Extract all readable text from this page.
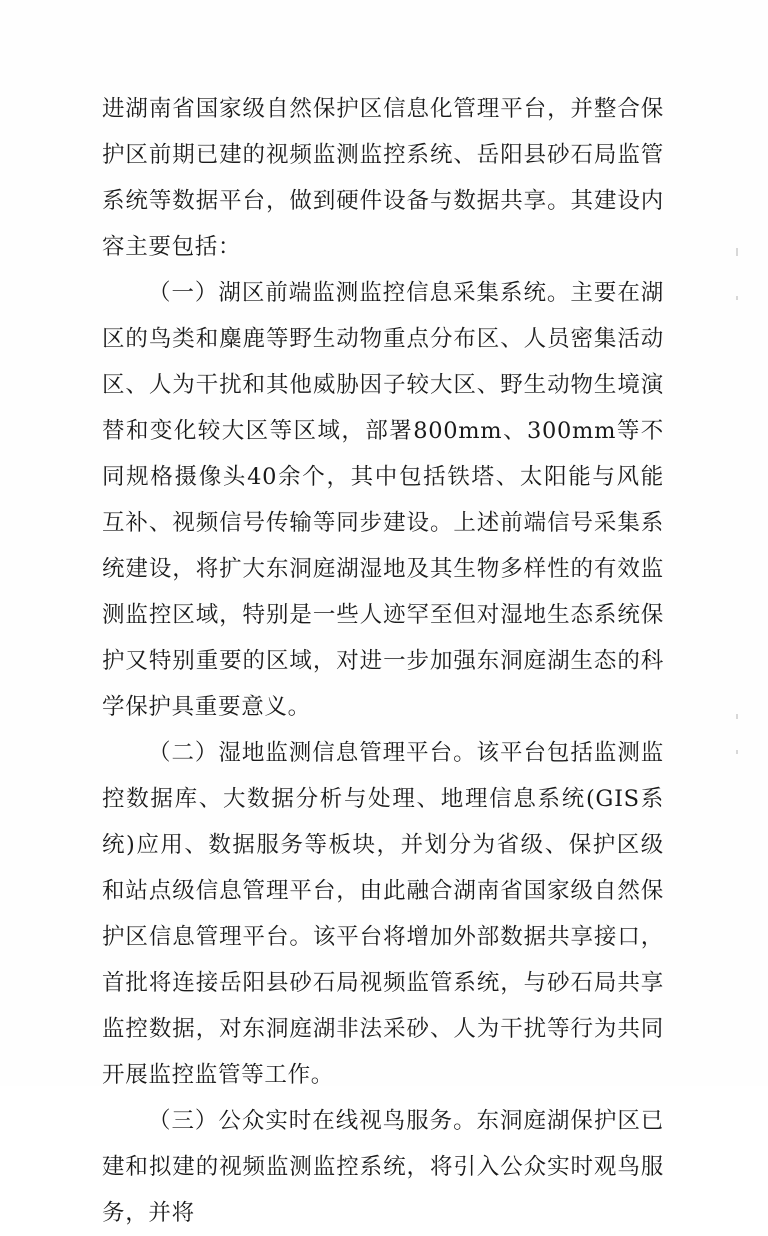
进湖南省国家级自然保护区信息化管理平台，并整合保护区前期已建的视频监测监控系统、岳阳县砂石局监管系统等数据平台，做到硬件设备与数据共享。其建设内容主要包括：

（一）湖区前端监测监控信息采集系统。主要在湖区的鸟类和麋鹿等野生动物重点分布区、人员密集活动区、人为干扰和其他威胁因子较大区、野生动物生境演替和变化较大区等区域，部署800mm、300mm等不同规格摄像头40余个，其中包括铁塔、太阳能与风能互补、视频信号传输等同步建设。上述前端信号采集系统建设，将扩大东洞庭湖湿地及其生物多样性的有效监测监控区域，特别是一些人迹罕至但对湿地生态系统保护又特别重要的区域，对进一步加强东洞庭湖生态的科学保护具重要意义。

（二）湿地监测信息管理平台。该平台包括监测监控数据库、大数据分析与处理、地理信息系统(GIS系统)应用、数据服务等板块，并划分为省级、保护区级和站点级信息管理平台，由此融合湖南省国家级自然保护区信息管理平台。该平台将增加外部数据共享接口，首批将连接岳阳县砂石局视频监管系统，与砂石局共享监控数据，对东洞庭湖非法采砂、人为干扰等行为共同开展监控监管等工作。

（三）公众实时在线视鸟服务。东洞庭湖保护区已建和拟建的视频监测监控系统，将引入公众实时观鸟服务，并将
